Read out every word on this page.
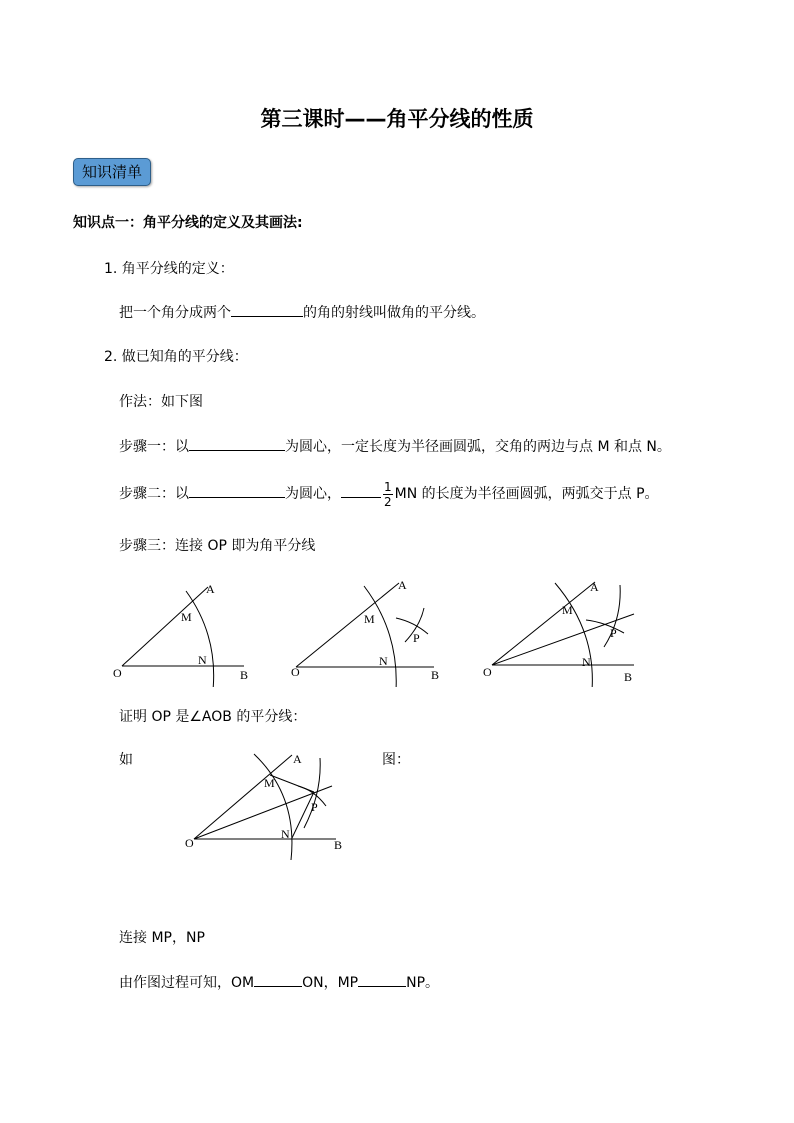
第三课时——角平分线的性质
知识清单
知识点一：角平分线的定义及其画法:
1. 角平分线的定义：
把一个角分成两个	的角的射线叫做角的平分线。
2. 做已知角的平分线：
作法：如下图
步骤一：以	为圆心，一定长度为半径画圆弧，交角的两边与点 M 和点 N。
步骤二：以	为圆心，	$\frac{1}{2}$ MN 的长度为半径画圆弧，两弧交于点 P。
步骤三：连接 OP 即为角平分线
A
M
N
O	B
A
M
N
P
O	B
A
M
N
P
O	B
证明 OP 是∠AOB 的平分线：
如	图：
A
M
N
P
O	B
连接 MP，NP
由作图过程可知，OM	ON，MP	NP。
